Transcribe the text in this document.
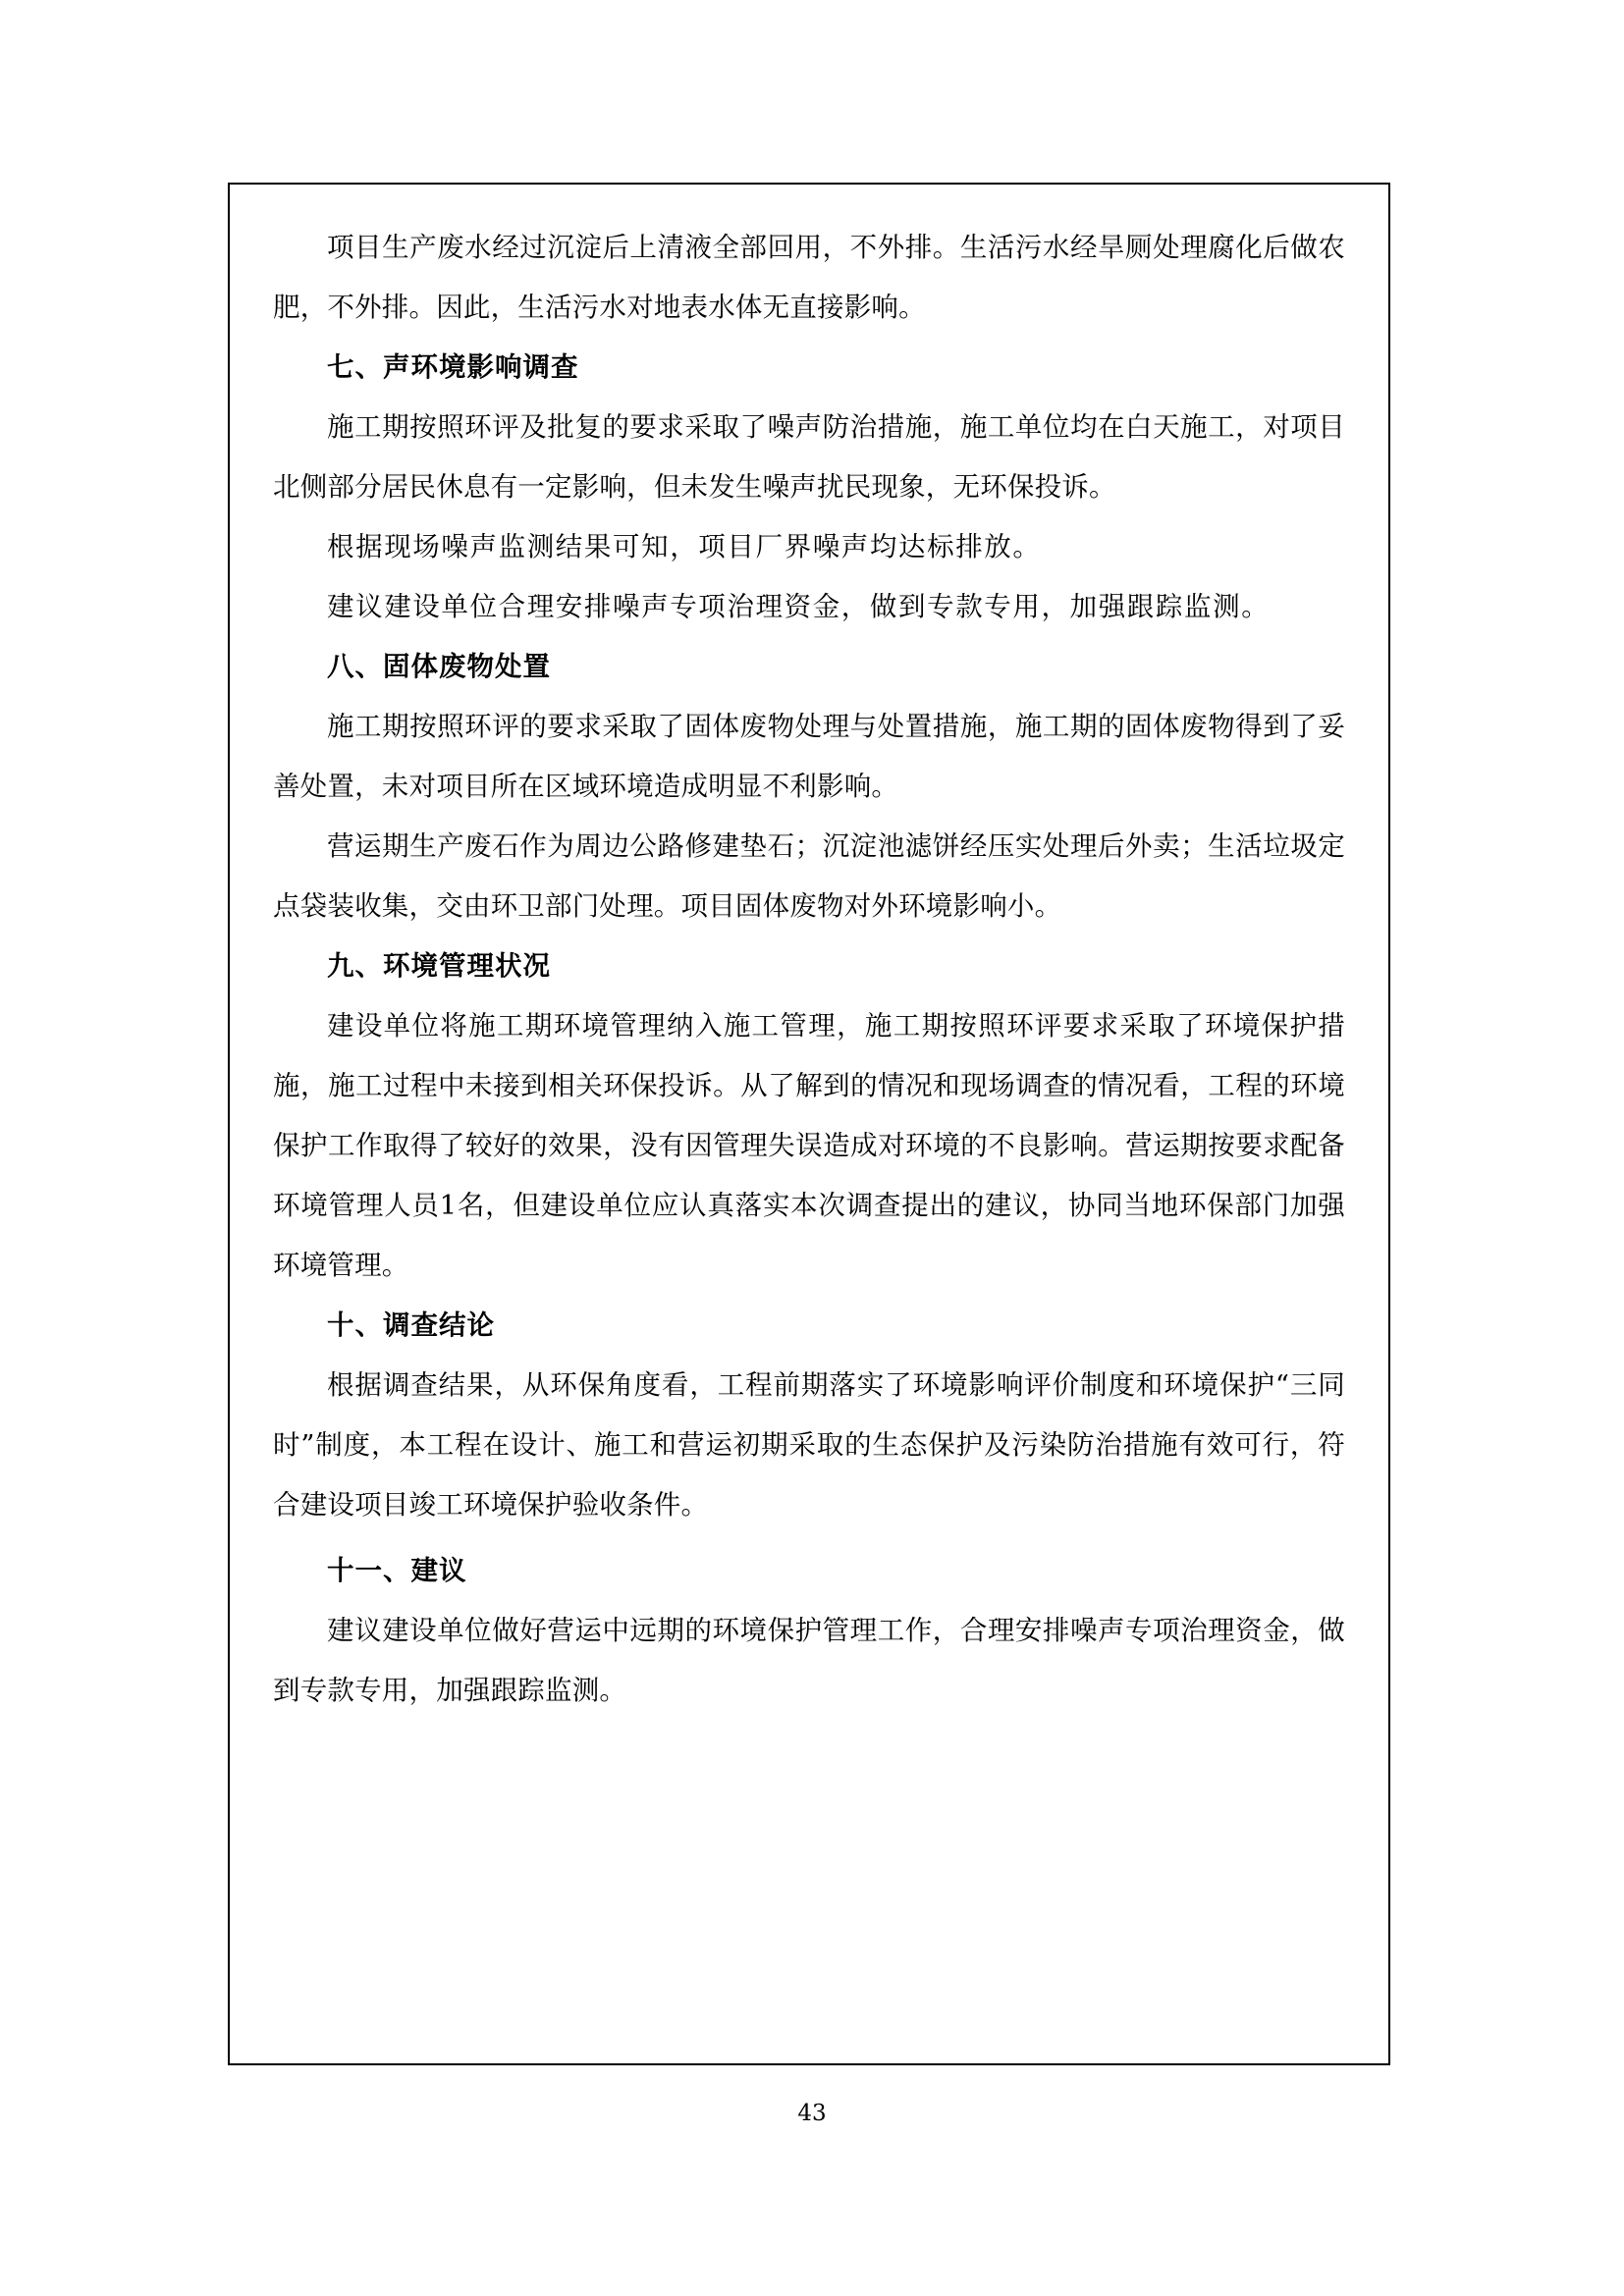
项目生产废水经过沉淀后上清液全部回用，不外排。生活污水经旱厕处理腐化后做农肥，不外排。因此，生活污水对地表水体无直接影响。

七、声环境影响调查

施工期按照环评及批复的要求采取了噪声防治措施，施工单位均在白天施工，对项目北侧部分居民休息有一定影响，但未发生噪声扰民现象，无环保投诉。

根据现场噪声监测结果可知，项目厂界噪声均达标排放。

建议建设单位合理安排噪声专项治理资金，做到专款专用，加强跟踪监测。

八、固体废物处置

施工期按照环评的要求采取了固体废物处理与处置措施，施工期的固体废物得到了妥善处置，未对项目所在区域环境造成明显不利影响。

营运期生产废石作为周边公路修建垫石；沉淀池滤饼经压实处理后外卖；生活垃圾定点袋装收集，交由环卫部门处理。项目固体废物对外环境影响小。

九、环境管理状况

建设单位将施工期环境管理纳入施工管理，施工期按照环评要求采取了环境保护措施，施工过程中未接到相关环保投诉。从了解到的情况和现场调查的情况看，工程的环境保护工作取得了较好的效果，没有因管理失误造成对环境的不良影响。营运期按要求配备环境管理人员1名，但建设单位应认真落实本次调查提出的建议，协同当地环保部门加强环境管理。

十、调查结论

根据调查结果，从环保角度看，工程前期落实了环境影响评价制度和环境保护“三同时”制度，本工程在设计、施工和营运初期采取的生态保护及污染防治措施有效可行，符合建设项目竣工环境保护验收条件。

十一、建议

建议建设单位做好营运中远期的环境保护管理工作，合理安排噪声专项治理资金，做到专款专用，加强跟踪监测。

43
